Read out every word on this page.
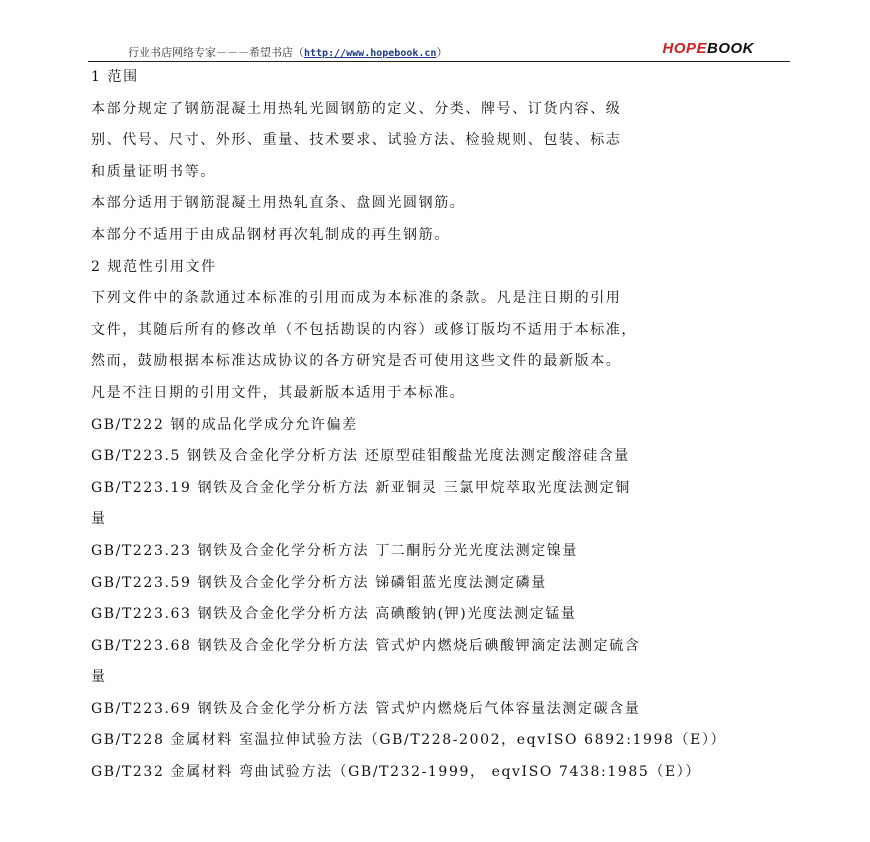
行业书店网络专家－－－希望书店（http://www.hopebook.cn）	HOPEBOOK
1 范围
本部分规定了钢筋混凝土用热轧光圆钢筋的定义、分类、牌号、订货内容、级
别、代号、尺寸、外形、重量、技术要求、试验方法、检验规则、包装、标志
和质量证明书等。
本部分适用于钢筋混凝土用热轧直条、盘圆光圆钢筋。
本部分不适用于由成品钢材再次轧制成的再生钢筋。
2 规范性引用文件
下列文件中的条款通过本标准的引用而成为本标准的条款。凡是注日期的引用
文件，其随后所有的修改单（不包括勘误的内容）或修订版均不适用于本标准，
然而，鼓励根据本标准达成协议的各方研究是否可使用这些文件的最新版本。
凡是不注日期的引用文件，其最新版本适用于本标准。
GB/T222 钢的成品化学成分允许偏差
GB/T223.5 钢铁及合金化学分析方法 还原型硅钼酸盐光度法测定酸溶硅含量
GB/T223.19 钢铁及合金化学分析方法 新亚铜灵 三氯甲烷萃取光度法测定铜
量
GB/T223.23 钢铁及合金化学分析方法 丁二酮肟分光光度法测定镍量
GB/T223.59 钢铁及合金化学分析方法 锑磷钼蓝光度法测定磷量
GB/T223.63 钢铁及合金化学分析方法 高碘酸钠(钾)光度法测定锰量
GB/T223.68 钢铁及合金化学分析方法 管式炉内燃烧后碘酸钾滴定法测定硫含
量
GB/T223.69 钢铁及合金化学分析方法 管式炉内燃烧后气体容量法测定碳含量
GB/T228 金属材料 室温拉伸试验方法（GB/T228-2002，eqvISO 6892:1998（E））
GB/T232 金属材料 弯曲试验方法（GB/T232-1999， eqvISO 7438:1985（E））
